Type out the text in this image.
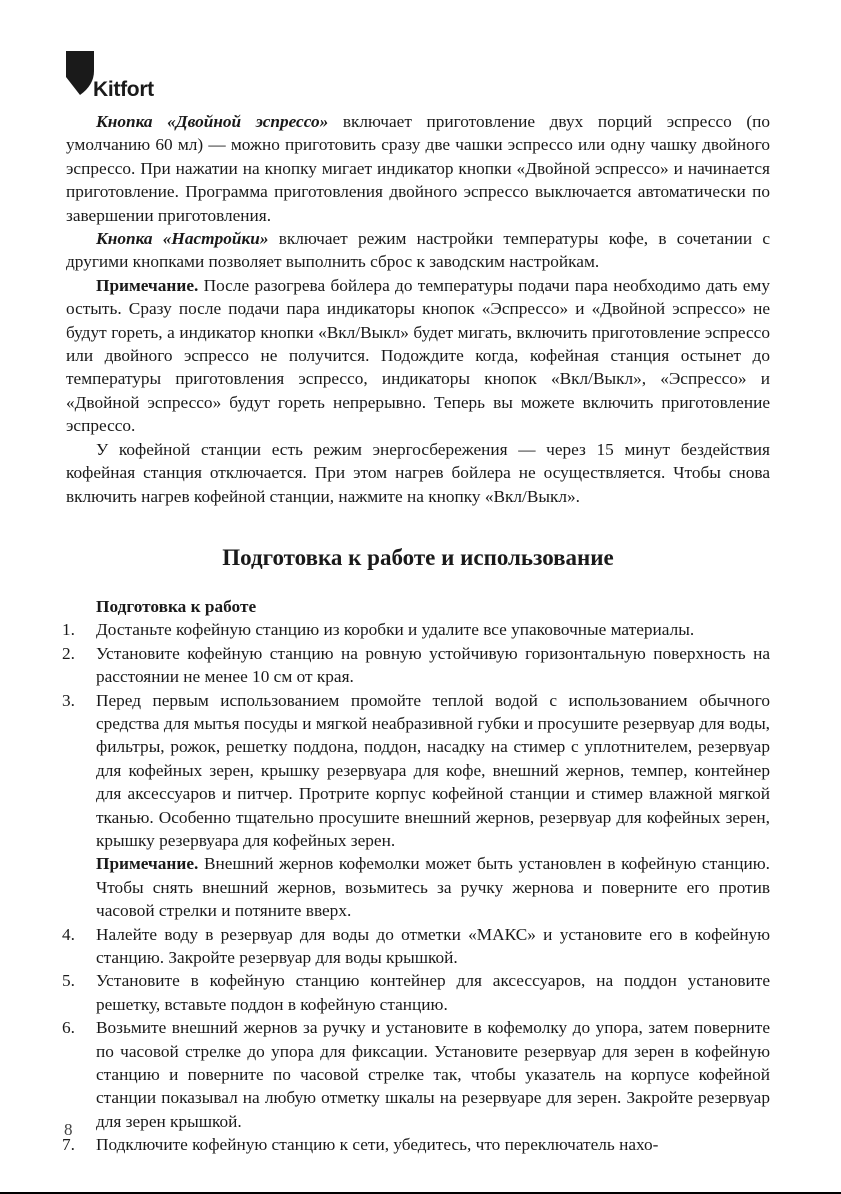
Kitfort

Кнопка «Двойной эспрессо» включает приготовление двух порций эспрессо (по умолчанию 60 мл) — можно приготовить сразу две чашки эспрессо или одну чашку двойного эспрессо. При нажатии на кнопку мигает индикатор кнопки «Двойной эспрессо» и начинается приготовление. Программа приготовления двойного эспрессо выключается автоматически по завершении приготовления.

Кнопка «Настройки» включает режим настройки температуры кофе, в сочетании с другими кнопками позволяет выполнить сброс к заводским настройкам.

Примечание. После разогрева бойлера до температуры подачи пара необходимо дать ему остыть. Сразу после подачи пара индикаторы кнопок «Эспрессо» и «Двойной эспрессо» не будут гореть, а индикатор кнопки «Вкл/Выкл» будет мигать, включить приготовление эспрессо или двойного эспрессо не получится. Подождите когда, кофейная станция остынет до температуры приготовления эспрессо, индикаторы кнопок «Вкл/Выкл», «Эспрессо» и «Двойной эспрессо» будут гореть непрерывно. Теперь вы можете включить приготовление эспрессо.

У кофейной станции есть режим энергосбережения — через 15 минут бездействия кофейная станция отключается. При этом нагрев бойлера не осуществляется. Чтобы снова включить нагрев кофейной станции, нажмите на кнопку «Вкл/Выкл».

Подготовка к работе и использование
Подготовка к работе
1. Достаньте кофейную станцию из коробки и удалите все упаковочные материалы.
2. Установите кофейную станцию на ровную устойчивую горизонтальную поверхность на расстоянии не менее 10 см от края.
3. Перед первым использованием промойте теплой водой с использованием обычного средства для мытья посуды и мягкой неабразивной губки и просушите резервуар для воды, фильтры, рожок, решетку поддона, поддон, насадку на стимер с уплотнителем, резервуар для кофейных зерен, крышку резервуара для кофе, внешний жернов, темпер, контейнер для аксессуаров и питчер. Протрите корпус кофейной станции и стимер влажной мягкой тканью. Особенно тщательно просушите внешний жернов, резервуар для кофейных зерен, крышку резервуара для кофейных зерен.
Примечание. Внешний жернов кофемолки может быть установлен в кофейную станцию. Чтобы снять внешний жернов, возьмитесь за ручку жернова и поверните его против часовой стрелки и потяните вверх.
4. Налейте воду в резервуар для воды до отметки «МАКС» и установите его в кофейную станцию. Закройте резервуар для воды крышкой.
5. Установите в кофейную станцию контейнер для аксессуаров, на поддон установите решетку, вставьте поддон в кофейную станцию.
6. Возьмите внешний жернов за ручку и установите в кофемолку до упора, затем поверните по часовой стрелке до упора для фиксации. Установите резервуар для зерен в кофейную станцию и поверните по часовой стрелке так, чтобы указатель на корпусе кофейной станции показывал на любую отметку шкалы на резервуаре для зерен. Закройте резервуар для зерен крышкой.
7. Подключите кофейную станцию к сети, убедитесь, что переключатель нахо-
8
